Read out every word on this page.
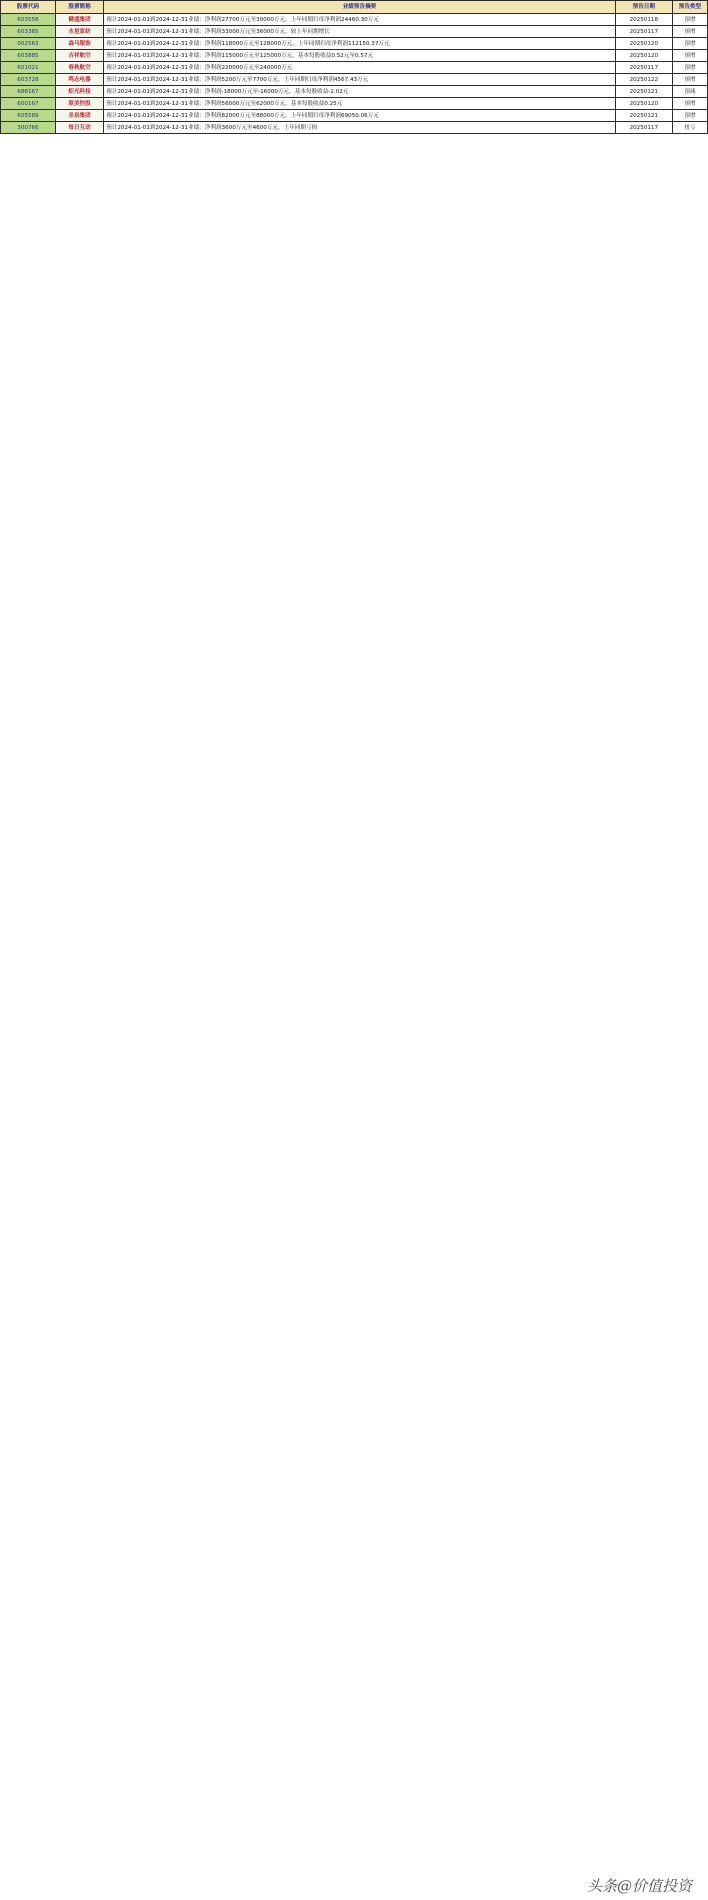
股票代码	股票简称	业绩预告摘要	预告日期	预告类型
603558	健盛集团	预计2024-01-01到2024-12-31业绩：净利润27700万元至30000万元，上年同期归母净利润24460.30万元	20250118	预增
603365	水星家纺	预计2024-01-01到2024-12-31业绩：净利润33000万元至36000万元，较上年同期增长	20250117	预增
002563	森马服饰	预计2024-01-01到2024-12-31业绩：净利润118000万元至128000万元，上年同期归母净利润112150.37万元	20250120	预增
603885	吉祥航空	预计2024-01-01到2024-12-31业绩：净利润115000万元至125000万元，基本每股收益0.52元至0.57元	20250120	预增
601021	春秋航空	预计2024-01-01到2024-12-31业绩：净利润220000万元至240000万元	20250117	预增
603728	鸣志电器	预计2024-01-01到2024-12-31业绩：净利润5200万元至7700万元，上年同期归母净利润4567.43万元	20250122	预增
688167	炬光科技	预计2024-01-01到2024-12-31业绩：净利润-18000万元至-16000万元，基本每股收益-2.02元	20250121	预减
600167	联美控股	预计2024-01-01到2024-12-31业绩：净利润56000万元至62000万元，基本每股收益0.25元	20250120	预增
605589	圣泉集团	预计2024-01-01到2024-12-31业绩：净利润82000万元至88000万元，上年同期归母净利润69050.06万元	20250121	预增
300766	每日互动	预计2024-01-01到2024-12-31业绩：净利润3600万元至4600万元，上年同期亏损	20250117	扭亏
头条@价值投资
